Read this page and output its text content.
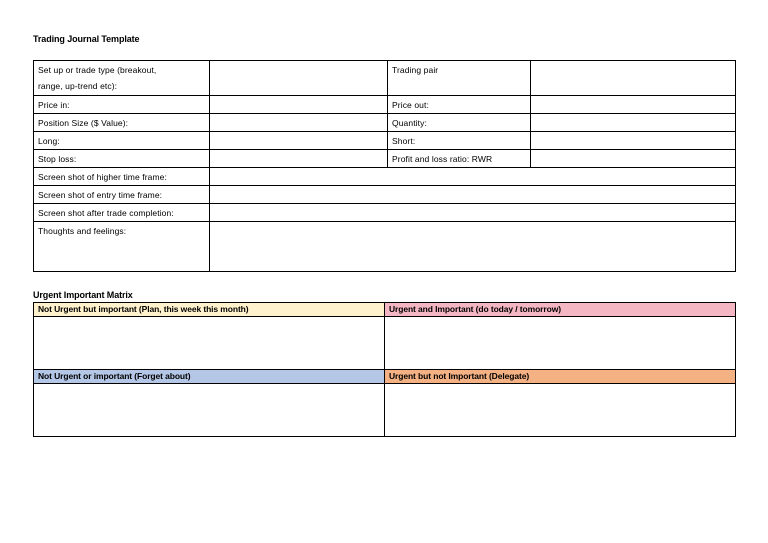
Trading Journal Template
Set up or trade type (breakout,
range, up-trend etc):		Trading pair	
Price in:		Price out:	
Position Size ($ Value):		Quantity:	
Long:		Short:	
Stop loss:		Profit and loss ratio: RWR	
Screen shot of higher time frame:			
Screen shot of entry time frame:			
Screen shot after trade completion:			
Thoughts and feelings:			
Urgent Important Matrix
Not Urgent but important (Plan, this week this month)	Urgent and Important (do today / tomorrow)

Not Urgent or important (Forget about)	Urgent but not Important (Delegate)
